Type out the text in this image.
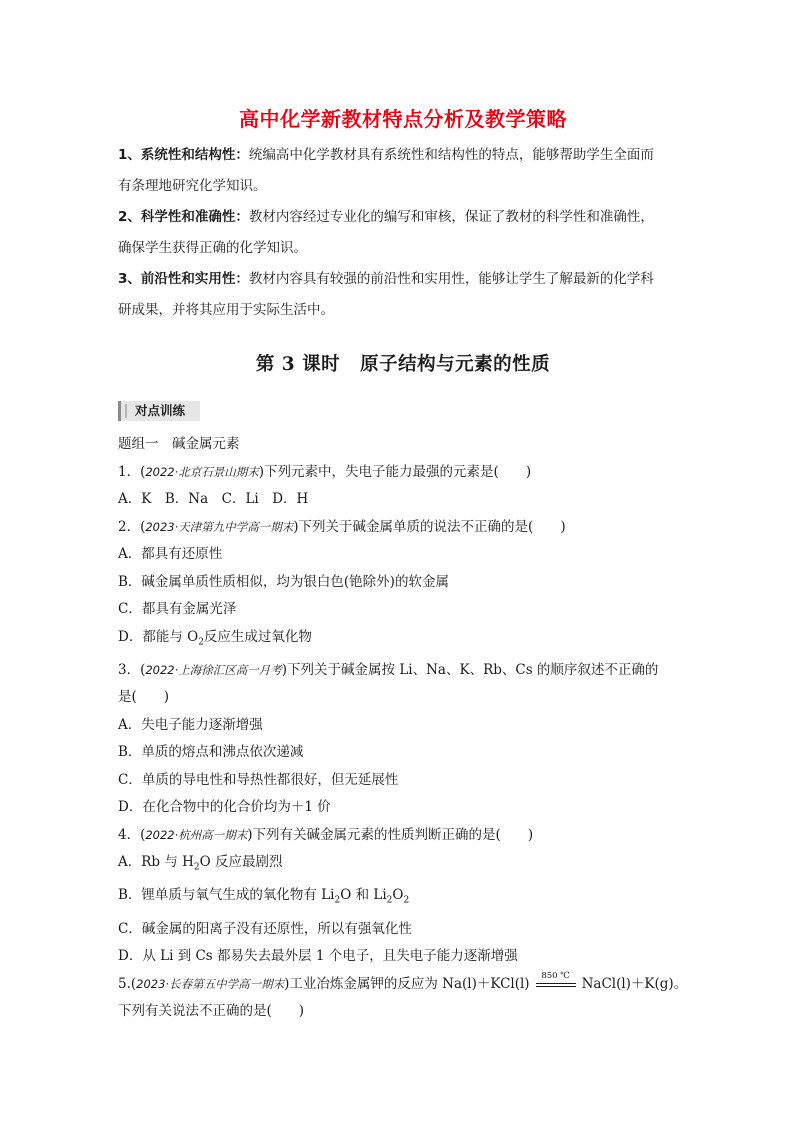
高中化学新教材特点分析及教学策略

1、系统性和结构性：统编高中化学教材具有系统性和结构性的特点，能够帮助学生全面而

有条理地研究化学知识。

2、科学性和准确性：教材内容经过专业化的编写和审核，保证了教材的科学性和准确性，

确保学生获得正确的化学知识。

3、前沿性和实用性：教材内容具有较强的前沿性和实用性，能够让学生了解最新的化学科

研成果，并将其应用于实际生活中。

第 3 课时 原子结构与元素的性质
对点训练
题组一　碱金属元素
1．(2022·北京石景山期末)下列元素中，失电子能力最强的元素是(　　)
A．K　B．Na　C．Li　D．H
2．(2023·天津第九中学高一期末)下列关于碱金属单质的说法不正确的是(　　)
A．都具有还原性
B．碱金属单质性质相似，均为银白色(铯除外)的软金属
C．都具有金属光泽
D．都能与 $O_2$反应生成过氧化物
3．(2022·上海徐汇区高一月考)下列关于碱金属按 Li、Na、K、Rb、Cs 的顺序叙述不正确的
是(　　)
A．失电子能力逐渐增强
B．单质的熔点和沸点依次递减
C．单质的导电性和导热性都很好，但无延展性
D．在化合物中的化合价均为＋1 价
4．(2022·杭州高一期末)下列有关碱金属元素的性质判断正确的是(　　)
A．Rb 与 $H_2O$ 反应最剧烈
B．锂单质与氧气生成的氧化物有 $Li_2O$ 和 $Li_2O_2$
C．碱金属的阳离子没有还原性，所以有强氧化性
D．从 Li 到 Cs 都易失去最外层 1 个电子，且失电子能力逐渐增强
5.(2023·长春第五中学高一期末)工业冶炼金属钾的反应为 Na(l)＋KCl(l)	850 ℃ NaCl(l)＋K(g)。
下列有关说法不正确的是(　　)
